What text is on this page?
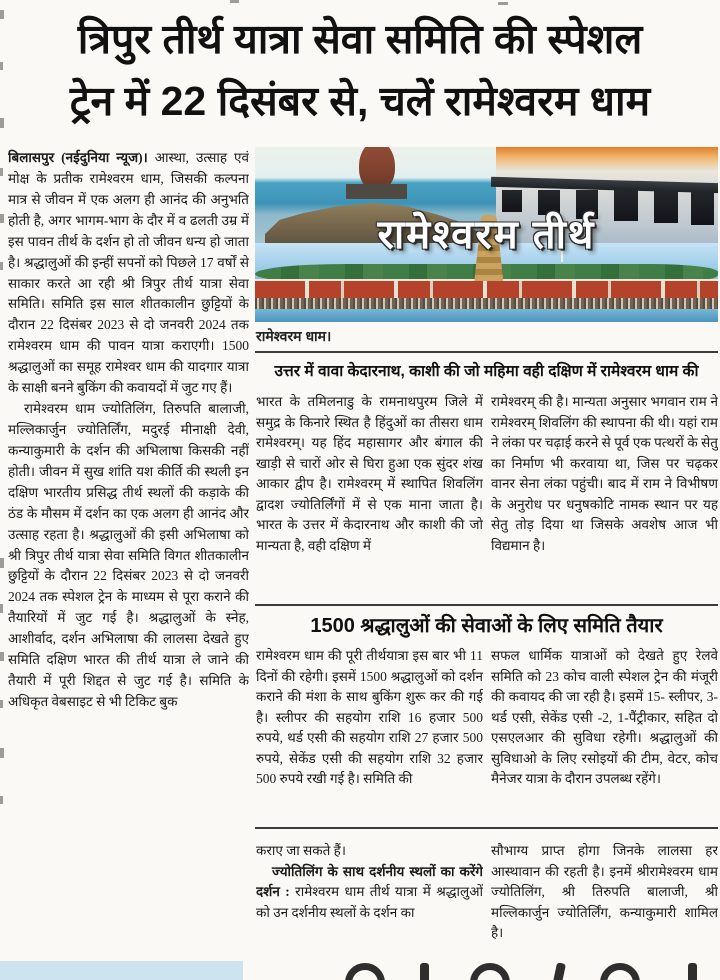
त्रिपुर तीर्थ यात्रा सेवा समिति की स्पेशल
ट्रेन में 22 दिसंबर से, चलें रामेश्वरम धाम

बिलासपुर (नईदुनिया न्यूज)। आस्था, उत्साह एवं मोक्ष के प्रतीक रामेश्वरम धाम, जिसकी कल्पना मात्र से जीवन में एक अलग ही आनंद की अनुभति होती है, अगर भागम-भाग के दौर में व ढलती उम्र में इस पावन तीर्थ के दर्शन हो तो जीवन धन्य हो जाता है। श्रद्धालुओं की इन्हीं सपनों को पिछले 17 वर्षों से साकार करते आ रही श्री त्रिपुर तीर्थ यात्रा सेवा समिति। समिति इस साल शीतकालीन छुट्टियों के दौरान 22 दिसंबर 2023 से दो जनवरी 2024 तक रामेश्वरम धाम की पावन यात्रा कराएगी। 1500 श्रद्धालुओं का समूह रामेश्वर धाम की यादगार यात्रा के साक्षी बनने बुकिंग की कवायदों में जुट गए हैं।

रामेश्वरम धाम ज्योतिलिंग, तिरुपति बालाजी, मल्लिकार्जुन ज्योतिर्लिंग, मदुरई मीनाक्षी देवी, कन्याकुमारी के दर्शन की अभिलाषा किसकी नहीं होती। जीवन में सुख शांति यश कीर्ति की स्थली इन दक्षिण भारतीय प्रसिद्ध तीर्थ स्थलों की कड़ाके की ठंड के मौसम में दर्शन का एक अलग ही आनंद और उत्साह रहता है। श्रद्धालुओं की इसी अभिलाषा को श्री त्रिपुर तीर्थ यात्रा सेवा समिति विगत शीतकालीन छुट्टियों के दौरान 22 दिसंबर 2023 से दो जनवरी 2024 तक स्पेशल ट्रेन के माध्यम से पूरा कराने की तैयारियों में जुट गई है। श्रद्धालुओं के स्नेह, आशीर्वाद, दर्शन अभिलाषा की लालसा देखते हुए समिति दक्षिण भारत की तीर्थ यात्रा ले जाने की तैयारी में पूरी शिद्दत से जुट गई है। समिति के अधिकृत वेबसाइट से भी टिकिट बुक

रामेश्वरम तीर्थ
रामेश्वरम धाम।
उत्तर में वावा केदारनाथ, काशी की जो महिमा वही दक्षिण में रामेश्वरम धाम की

भारत के तमिलनाडु के रामनाथपुरम जिले में समुद्र के किनारे स्थित है हिंदुओं का तीसरा धाम रामेश्वरम्। यह हिंद महासागर और बंगाल की खाड़ी से चारों ओर से घिरा हुआ एक सुंदर शंख आकार द्वीप है। रामेश्वरम् में स्थापित शिवलिंग द्वादश ज्योतिर्लिंगों में से एक माना जाता है। भारत के उत्तर में केदारनाथ और काशी की जो मान्यता है, वही दक्षिण में

रामेश्वरम् की है। मान्यता अनुसार भगवान राम ने रामेश्वरम् शिवलिंग की स्थापना की थी। यहां राम ने लंका पर चढ़ाई करने से पूर्व एक पत्थरों के सेतु का निर्माण भी करवाया था, जिस पर चढ़कर वानर सेना लंका पहुंची। बाद में राम ने विभीषण के अनुरोध पर धनुषकोटि नामक स्थान पर यह सेतु तोड़ दिया था जिसके अवशेष आज भी विद्यमान है।

1500 श्रद्धालुओं की सेवाओं के लिए समिति तैयार

रामेश्वरम धाम की पूरी तीर्थयात्रा इस बार भी 11 दिनों की रहेगी। इसमें 1500 श्रद्धालुओं को दर्शन कराने की मंशा के साथ बुकिंग शुरू कर की गई है। स्लीपर की सहयोग राशि 16 हजार 500 रुपये, थर्ड एसी की सहयोग राशि 27 हजार 500 रुपये, सेकेंड एसी की सहयोग राशि 32 हजार 500 रुपये रखी गई है। समिति की

सफल धार्मिक यात्राओं को देखते हुए रेलवे समिति को 23 कोच वाली स्पेशल ट्रेन की मंजूरी की कवायद की जा रही है। इसमें 15- स्लीपर, 3- थर्ड एसी, सेकेंड एसी -2, 1-पैंट्रीकार, सहित दो एसएलआर की सुविधा रहेगी। श्रद्धालुओं की सुविधाओ के लिए रसोइयों की टीम, वेटर, कोच मैनेजर यात्रा के दौरान उपलब्ध रहेंगे।

कराए जा सकते हैं।

ज्योतिलिंग के साथ दर्शनीय स्थलों का करेंगे दर्शन : रामेश्वरम धाम तीर्थ यात्रा में श्रद्धालुओं को उन दर्शनीय स्थलों के दर्शन का

सौभाग्य प्राप्त होगा जिनके लालसा हर आस्थावान की रहती है। इनमें श्रीरामेश्वरम धाम ज्योतिलिंग, श्री तिरुपति बालाजी, श्री मल्लिकार्जुन ज्योतिर्लिंग, कन्याकुमारी शामिल है।
